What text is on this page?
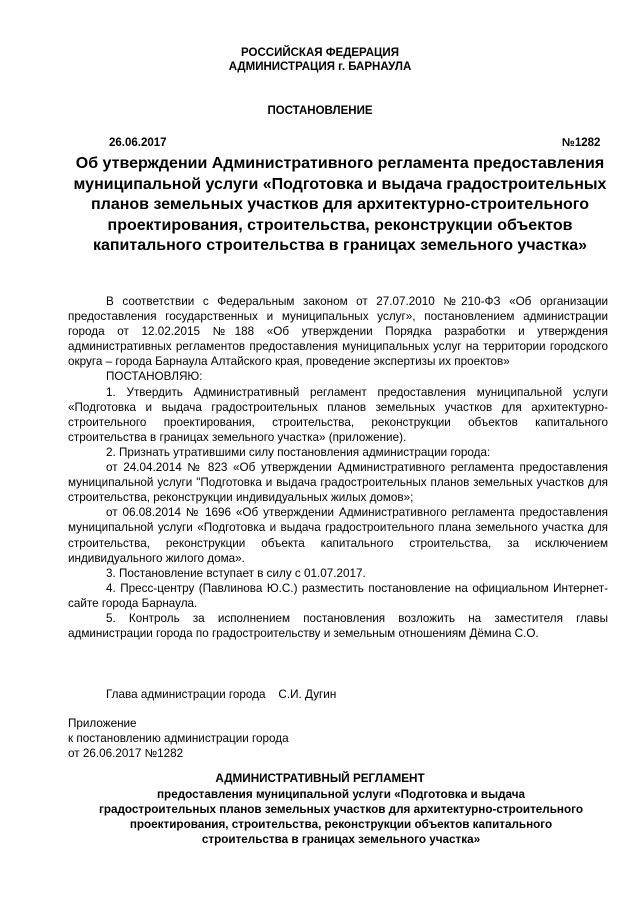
РОССИЙСКАЯ ФЕДЕРАЦИЯ
АДМИНИСТРАЦИЯ г. БАРНАУЛА
ПОСТАНОВЛЕНИЕ
26.06.2017	№1282
Об утверждении Административного регламента предоставления муниципальной услуги «Подготовка и выдача градостроительных планов земельных участков для архитектурно-строительного проектирования, строительства, реконструкции объектов капитального строительства в границах земельного участка»

В соответствии с Федеральным законом от 27.07.2010 №210-ФЗ «Об организации предоставления государственных и муниципальных услуг», постановлением администрации города от 12.02.2015 №188 «Об утверждении Порядка разработки и утверждения административных регламентов предоставления муниципальных услуг на территории городского округа – города Барнаула Алтайского края, проведение экспертизы их проектов»

ПОСТАНОВЛЯЮ:

1. Утвердить Административный регламент предоставления муниципальной услуги «Подготовка и выдача градостроительных планов земельных участков для архитектурно-строительного проектирования, строительства, реконструкции объектов капитального строительства в границах земельного участка» (приложение).

2. Признать утратившими силу постановления администрации города:

от 24.04.2014 № 823 «Об утверждении Административного регламента предоставления муниципальной услуги "Подготовка и выдача градостроительных планов земельных участков для строительства, реконструкции индивидуальных жилых домов»;

от 06.08.2014 № 1696 «Об утверждении Административного регламента предоставления муниципальной услуги «Подготовка и выдача градостроительного плана земельного участка для строительства, реконструкции объекта капитального строительства, за исключением индивидуального жилого дома».

3. Постановление вступает в силу с 01.07.2017.

4. Пресс-центру (Павлинова Ю.С.) разместить постановление на официальном Интернет-сайте города Барнаула.

5. Контроль за исполнением постановления возложить на заместителя главы администрации города по градостроительству и земельным отношениям Дёмина С.О.

Глава администрации города    С.И. Дугин
Приложение
к постановлению администрации города
от 26.06.2017 №1282
АДМИНИСТРАТИВНЫЙ РЕГЛАМЕНТ
предоставления муниципальной услуги «Подготовка и выдача
градостроительных планов земельных участков для архитектурно-строительного
проектирования, строительства, реконструкции объектов капитального
строительства в границах земельного участка»
